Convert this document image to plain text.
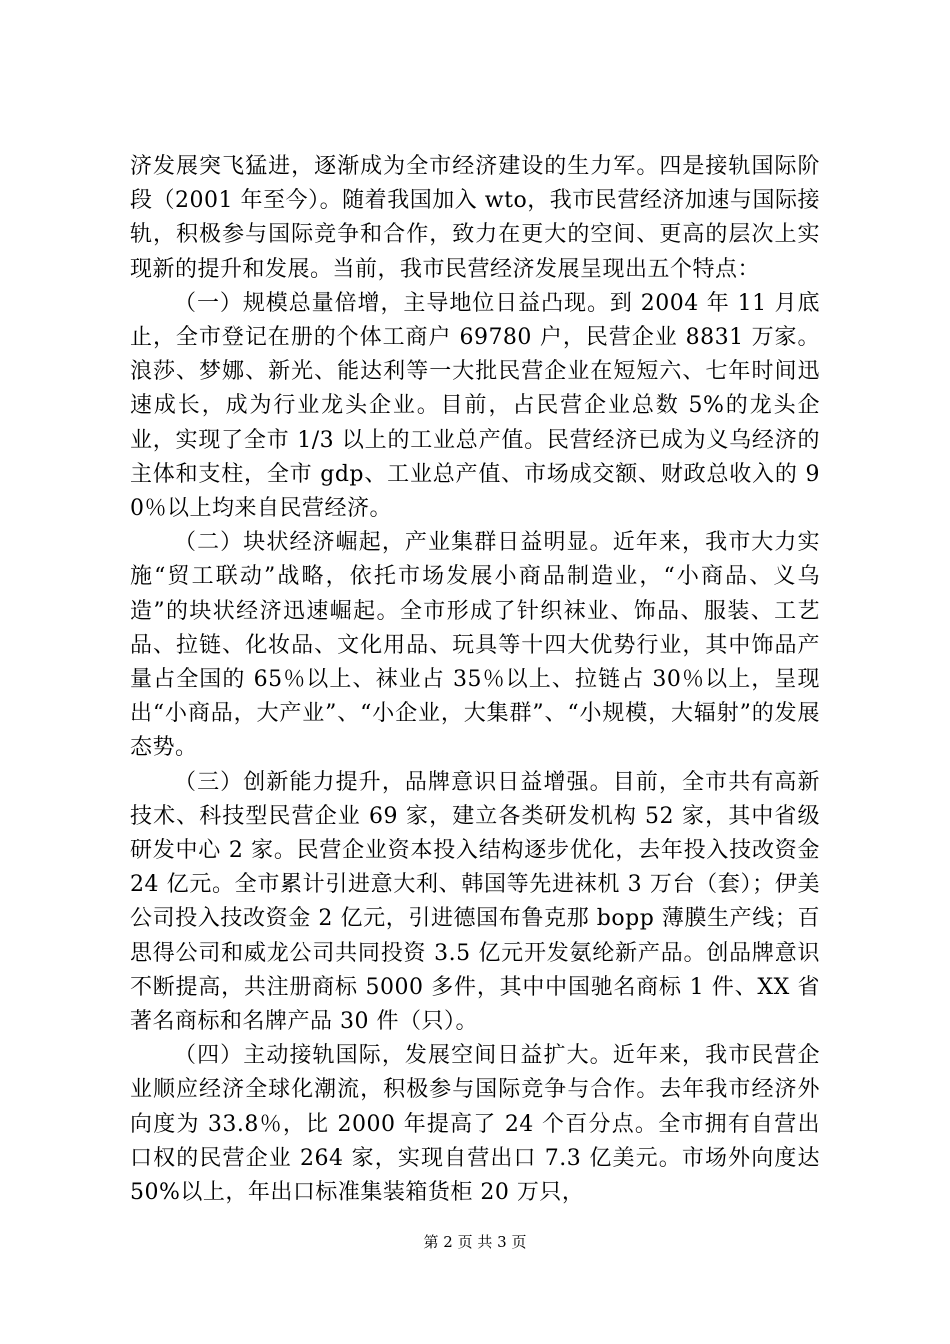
济发展突飞猛进，逐渐成为全市经济建设的生力军。四是接轨国际阶段（2001 年至今）。随着我国加入 wto，我市民营经济加速与国际接轨，积极参与国际竞争和合作，致力在更大的空间、更高的层次上实现新的提升和发展。当前，我市民营经济发展呈现出五个特点：

（一）规模总量倍增，主导地位日益凸现。到 2004 年 11 月底止，全市登记在册的个体工商户 69780 户，民营企业 8831 万家。浪莎、梦娜、新光、能达利等一大批民营企业在短短六、七年时间迅速成长，成为行业龙头企业。目前，占民营企业总数 5%的龙头企业，实现了全市 1/3 以上的工业总产值。民营经济已成为义乌经济的主体和支柱，全市 gdp、工业总产值、市场成交额、财政总收入的 90％以上均来自民营经济。

（二）块状经济崛起，产业集群日益明显。近年来，我市大力实施“贸工联动”战略，依托市场发展小商品制造业，“小商品、义乌造”的块状经济迅速崛起。全市形成了针织袜业、饰品、服装、工艺品、拉链、化妆品、文化用品、玩具等十四大优势行业，其中饰品产量占全国的 65％以上、袜业占 35％以上、拉链占 30％以上，呈现出“小商品，大产业”、“小企业，大集群”、“小规模，大辐射”的发展态势。

（三）创新能力提升，品牌意识日益增强。目前，全市共有高新技术、科技型民营企业 69 家，建立各类研发机构 52 家，其中省级研发中心 2 家。民营企业资本投入结构逐步优化，去年投入技改资金 24 亿元。全市累计引进意大利、韩国等先进袜机 3 万台（套）；伊美公司投入技改资金 2 亿元，引进德国布鲁克那 bopp 薄膜生产线；百思得公司和威龙公司共同投资 3.5 亿元开发氨纶新产品。创品牌意识不断提高，共注册商标 5000 多件，其中中国驰名商标 1 件、XX 省著名商标和名牌产品 30 件（只）。

（四）主动接轨国际，发展空间日益扩大。近年来，我市民营企业顺应经济全球化潮流，积极参与国际竞争与合作。去年我市经济外向度为 33.8％，比 2000 年提高了 24 个百分点。全市拥有自营出口权的民营企业 264 家，实现自营出口 7.3 亿美元。市场外向度达 50%以上，年出口标准集装箱货柜 20 万只，

第 2 页 共 3 页
